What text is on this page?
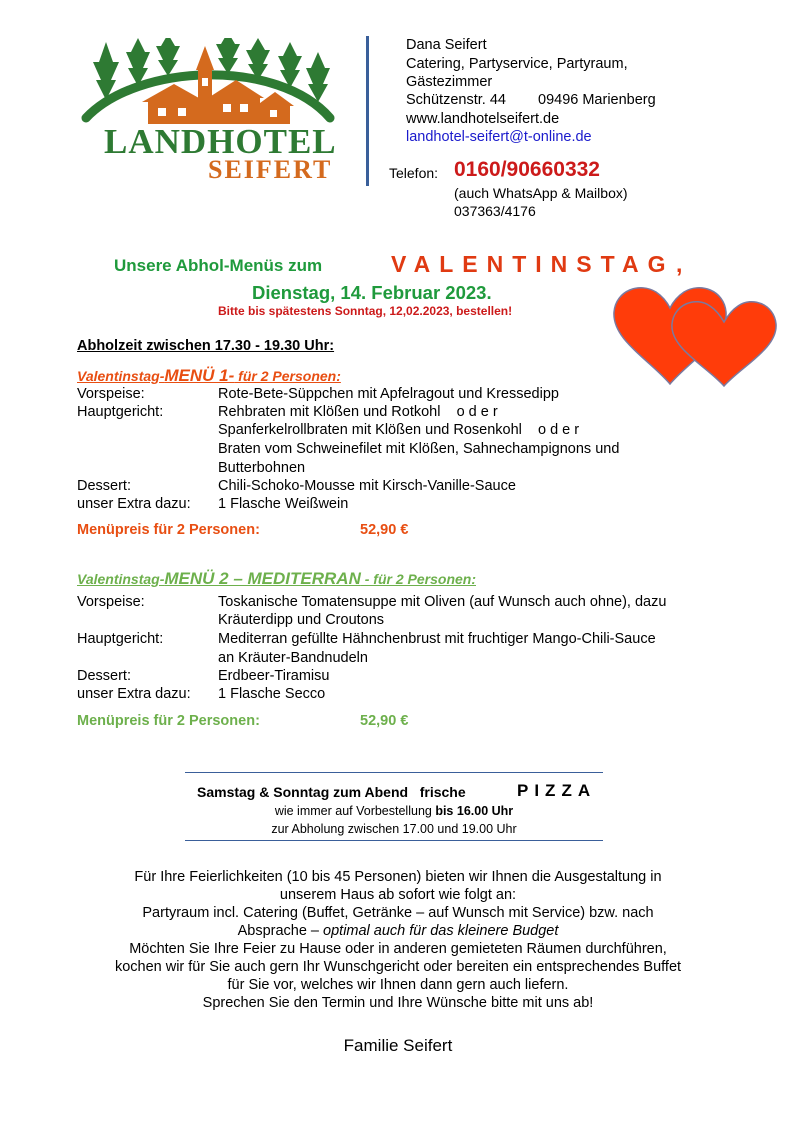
LANDHOTEL
SEIFERT
Dana Seifert
Catering, Partyservice, Partyraum,
Gästezimmer
Schützenstr. 44 09496 Marienberg
www.landhotelseifert.de
landhotel-seifert@t-online.de
Telefon: 0160/90660332
(auch WhatsApp & Mailbox)
037363/4176
Unsere Abhol-Menüs zum	VALENTINSTAG ,
Dienstag, 14. Februar 2023.
Bitte bis spätestens Sonntag, 12,02.2023, bestellen!
Abholzeit zwischen 17.30 - 19.30 Uhr:
Valentinstag-MENÜ 1- für 2 Personen:
Vorspeise:	Rote-Bete-Süppchen mit Apfelragout und Kressedipp
Hauptgericht:	Rehbraten mit Klößen und Rotkohl    o d e r
Spanferkelrollbraten mit Klößen und Rosenkohl    o d e r
Braten vom Schweinefilet mit Klößen, Sahnechampignons und
Butterbohnen
Dessert:	Chili-Schoko-Mousse mit Kirsch-Vanille-Sauce
unser Extra dazu: 1 Flasche Weißwein
Menüpreis für 2 Personen:	52,90 €
Valentinstag-MENÜ 2 – MEDITERRAN - für 2 Personen:
Vorspeise:	Toskanische Tomatensuppe mit Oliven (auf Wunsch auch ohne), dazu
Kräuterdipp und Croutons
Hauptgericht:	Mediterran gefüllte Hähnchenbrust mit fruchtiger Mango-Chili-Sauce
an Kräuter-Bandnudeln
Dessert:	Erdbeer-Tiramisu
unser Extra dazu: 1 Flasche Secco
Menüpreis für 2 Personen:	52,90 €
Samstag & Sonntag zum Abend   frische	PIZZA
wie immer auf Vorbestellung bis 16.00 Uhr
zur Abholung zwischen 17.00 und 19.00 Uhr
Für Ihre Feierlichkeiten (10 bis 45 Personen) bieten wir Ihnen die Ausgestaltung in
unserem Haus ab sofort wie folgt an:
Partyraum incl. Catering (Buffet, Getränke – auf Wunsch mit Service) bzw. nach
Absprache – optimal auch für das kleinere Budget
Möchten Sie Ihre Feier zu Hause oder in anderen gemieteten Räumen durchführen,
kochen wir für Sie auch gern Ihr Wunschgericht oder bereiten ein entsprechendes Buffet
für Sie vor, welches wir Ihnen dann gern auch liefern.
Sprechen Sie den Termin und Ihre Wünsche bitte mit uns ab!
Familie Seifert
